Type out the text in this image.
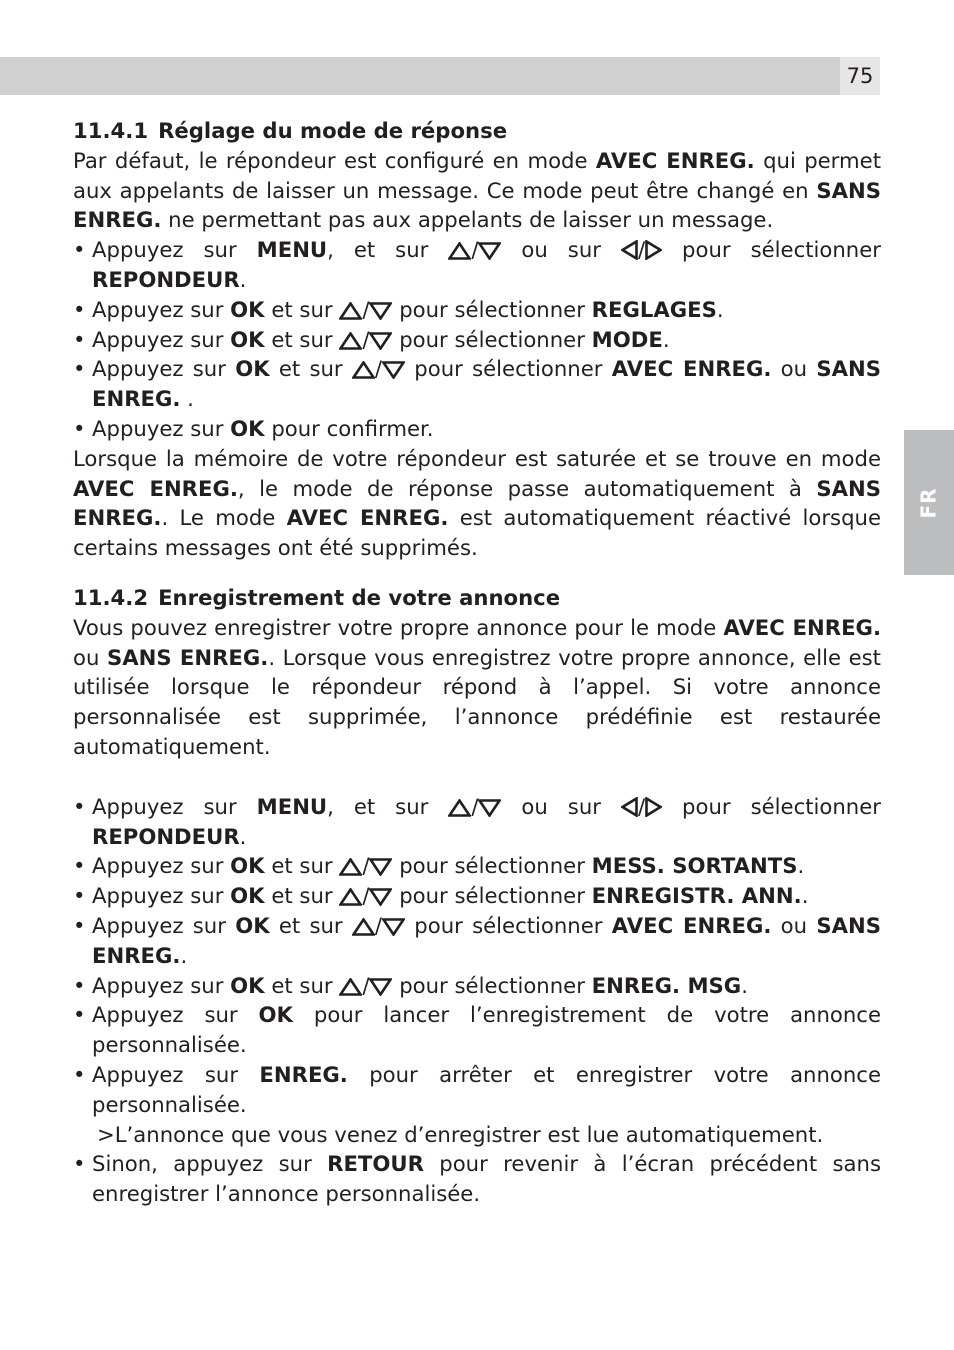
75
FR
11.4.1 Réglage du mode de réponse

Par défaut, le répondeur est configuré en mode AVEC ENREG. qui permet aux appelants de laisser un message. Ce mode peut être changé en SANS ENREG. ne permettant pas aux appelants de laisser un message.

• Appuyez sur MENU, et sur / ou sur / pour sélectionner REPONDEUR.
• Appuyez sur OK et sur / pour sélectionner REGLAGES.
• Appuyez sur OK et sur / pour sélectionner MODE.
• Appuyez sur OK et sur / pour sélectionner AVEC ENREG. ou SANS ENREG. .
• Appuyez sur OK pour confirmer.

Lorsque la mémoire de votre répondeur est saturée et se trouve en mode AVEC ENREG., le mode de réponse passe automatiquement à SANS ENREG.. Le mode AVEC ENREG. est automatiquement réactivé lorsque certains messages ont été supprimés.

11.4.2 Enregistrement de votre annonce

Vous pouvez enregistrer votre propre annonce pour le mode AVEC ENREG. ou SANS ENREG.. Lorsque vous enregistrez votre propre annonce, elle est utilisée lorsque le répondeur répond à l’appel. Si votre annonce personnalisée est supprimée, l’annonce prédéfinie est restaurée automatiquement.

• Appuyez sur MENU, et sur / ou sur / pour sélectionner REPONDEUR.
• Appuyez sur OK et sur / pour sélectionner MESS. SORTANTS.
• Appuyez sur OK et sur / pour sélectionner ENREGISTR. ANN..
• Appuyez sur OK et sur / pour sélectionner AVEC ENREG. ou SANS ENREG..
• Appuyez sur OK et sur / pour sélectionner ENREG. MSG.
• Appuyez sur OK pour lancer l’enregistrement de votre annonce personnalisée.
• Appuyez sur ENREG. pour arrêter et enregistrer votre annonce personnalisée.
>L’annonce que vous venez d’enregistrer est lue automatiquement.
• Sinon, appuyez sur RETOUR pour revenir à l’écran précédent sans enregistrer l’annonce personnalisée.
